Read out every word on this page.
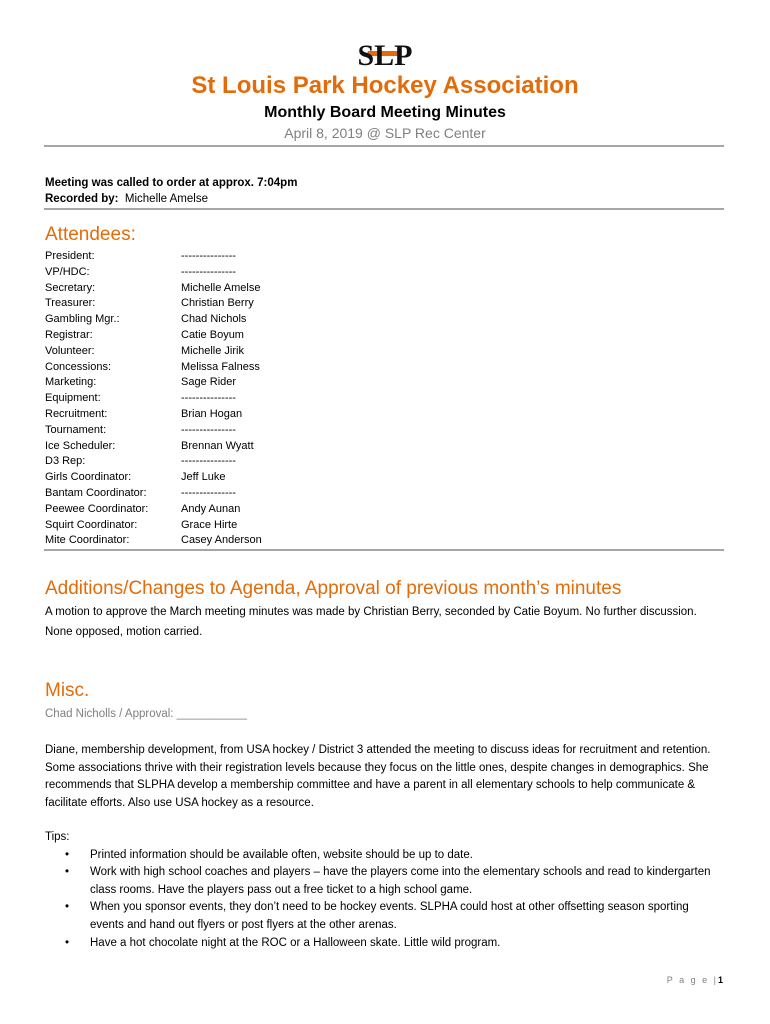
SLP
St Louis Park Hockey Association
Monthly Board Meeting Minutes
April 8, 2019 @ SLP Rec Center
Meeting was called to order at approx. 7:04pm
Recorded by: Michelle Amelse
Attendees:
President:	---------------
VP/HDC:	---------------
Secretary:	Michelle Amelse
Treasurer:	Christian Berry
Gambling Mgr.:	Chad Nichols
Registrar:	Catie Boyum
Volunteer:	Michelle Jirik
Concessions:	Melissa Falness
Marketing:	Sage Rider
Equipment:	---------------
Recruitment:	Brian Hogan
Tournament:	---------------
Ice Scheduler:	Brennan Wyatt
D3 Rep:	---------------
Girls Coordinator:	Jeff Luke
Bantam Coordinator:	---------------
Peewee Coordinator:	Andy Aunan
Squirt Coordinator:	Grace Hirte
Mite Coordinator:	Casey Anderson
Additions/Changes to Agenda, Approval of previous month’s minutes
A motion to approve the March meeting minutes was made by Christian Berry, seconded by Catie Boyum. No further discussion. None opposed, motion carried.
Misc.
Chad Nicholls / Approval: ___________
Diane, membership development, from USA hockey / District 3 attended the meeting to discuss ideas for recruitment and retention. Some associations thrive with their registration levels because they focus on the little ones, despite changes in demographics. She recommends that SLPHA develop a membership committee and have a parent in all elementary schools to help communicate & facilitate efforts. Also use USA hockey as a resource.
Tips:
• Printed information should be available often, website should be up to date.
• Work with high school coaches and players – have the players come into the elementary schools and read to kindergarten class rooms. Have the players pass out a free ticket to a high school game.
• When you sponsor events, they don’t need to be hockey events. SLPHA could host at other offsetting season sporting events and hand out flyers or post flyers at the other arenas.
• Have a hot chocolate night at the ROC or a Halloween skate. Little wild program.
P a g e |1
